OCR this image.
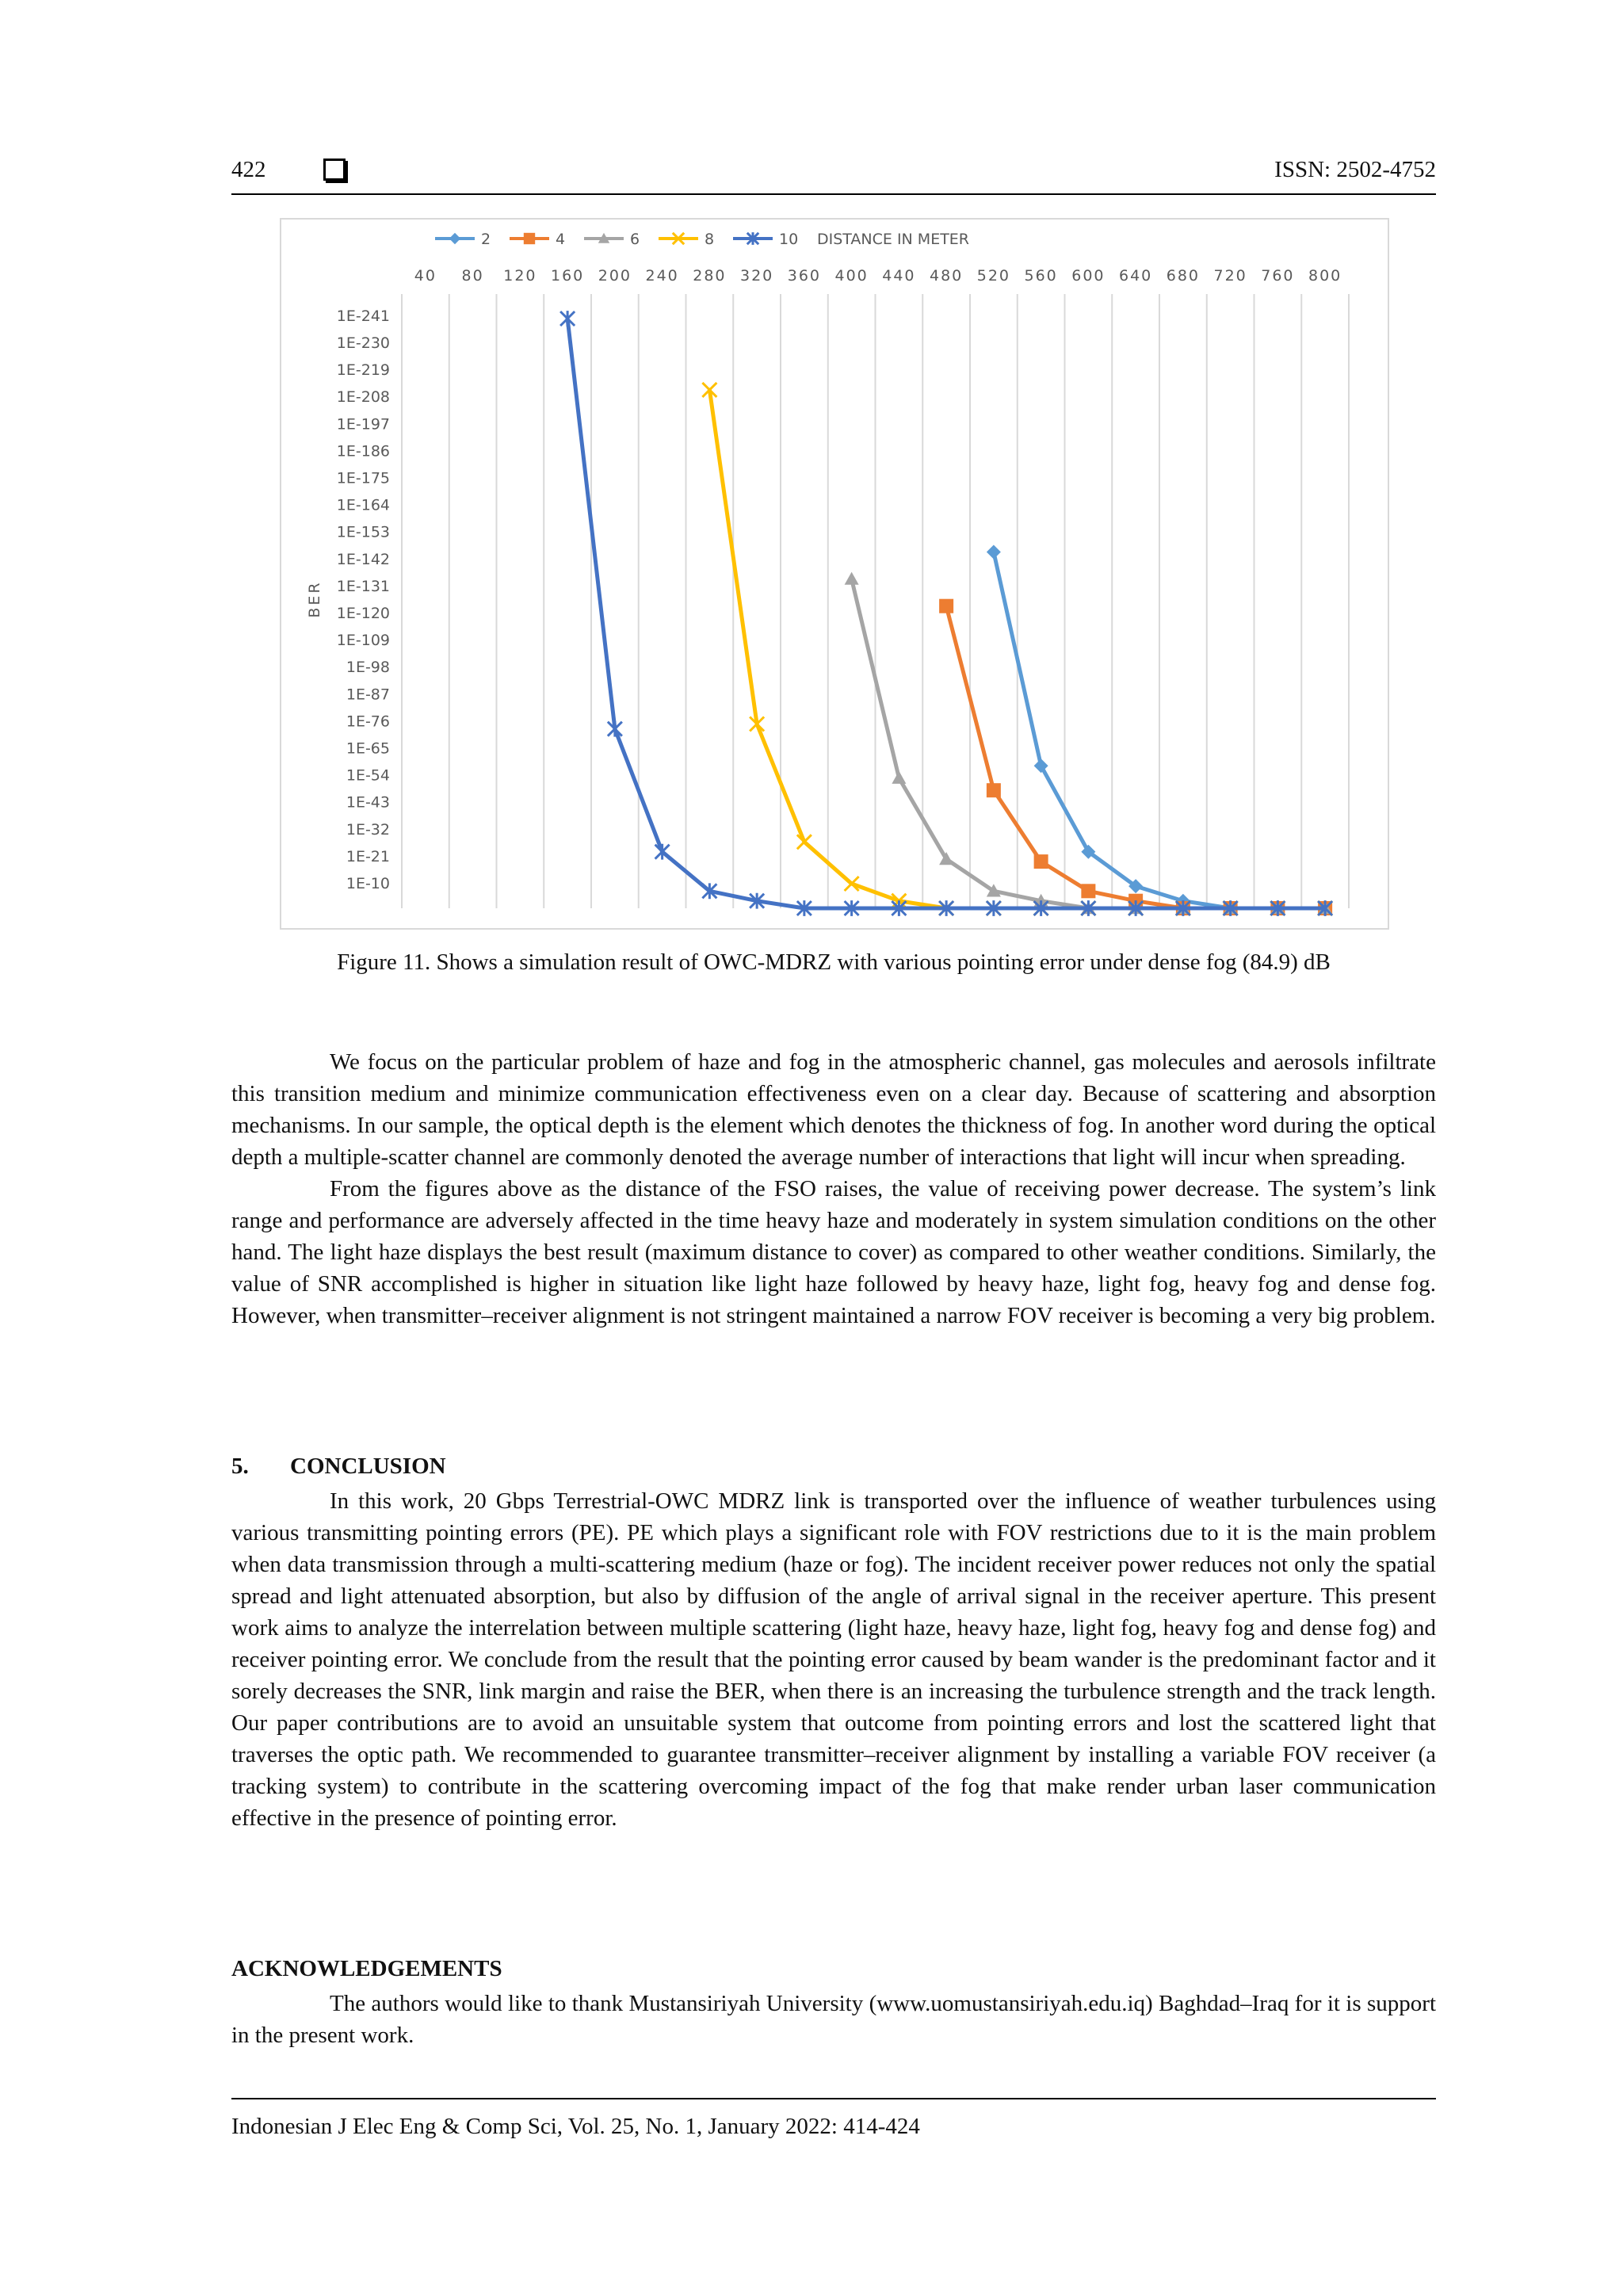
422	ISSN: 2502-4752
2	4	6	8	10 DISTANCE IN METER
40 80 120 160 200 240 280 320 360 400 440 480 520 560 600 640 680 720 760 800
1E-241
1E-230
1E-219
1E-208
1E-197
1E-186
1E-175
1E-164
1E-153
1E-142
1E-131
1E-120
1E-109
1E-98
1E-87
1E-76
1E-65
1E-54
1E-43
1E-32
1E-21
1E-10
BER
Figure 11. Shows a simulation result of OWC-MDRZ with various pointing error under dense fog (84.9) dB

We focus on the particular problem of haze and fog in the atmospheric channel, gas molecules and aerosols infiltrate this transition medium and minimize communication effectiveness even on a clear day. Because of scattering and absorption mechanisms. In our sample, the optical depth is the element which denotes the thickness of fog. In another word during the optical depth a multiple-scatter channel are commonly denoted the average number of interactions that light will incur when spreading.

From the figures above as the distance of the FSO raises, the value of receiving power decrease. The system’s link range and performance are adversely affected in the time heavy haze and moderately in system simulation conditions on the other hand. The light haze displays the best result (maximum distance to cover) as compared to other weather conditions. Similarly, the value of SNR accomplished is higher in situation like light haze followed by heavy haze, light fog, heavy fog and dense fog. However, when transmitter–receiver alignment is not stringent maintained a narrow FOV receiver is becoming a very big problem.

5. CONCLUSION

In this work, 20 Gbps Terrestrial-OWC MDRZ link is transported over the influence of weather turbulences using various transmitting pointing errors (PE). PE which plays a significant role with FOV restrictions due to it is the main problem when data transmission through a multi-scattering medium (haze or fog). The incident receiver power reduces not only the spatial spread and light attenuated absorption, but also by diffusion of the angle of arrival signal in the receiver aperture. This present work aims to analyze the interrelation between multiple scattering (light haze, heavy haze, light fog, heavy fog and dense fog) and receiver pointing error. We conclude from the result that the pointing error caused by beam wander is the predominant factor and it sorely decreases the SNR, link margin and raise the BER, when there is an increasing the turbulence strength and the track length. Our paper contributions are to avoid an unsuitable system that outcome from pointing errors and lost the scattered light that traverses the optic path. We recommended to guarantee transmitter–receiver alignment by installing a variable FOV receiver (a tracking system) to contribute in the scattering overcoming impact of the fog that make render urban laser communication effective in the presence of pointing error.

ACKNOWLEDGEMENTS

The authors would like to thank Mustansiriyah University (www.uomustansiriyah.edu.iq) Baghdad–Iraq for it is support in the present work.

Indonesian J Elec Eng & Comp Sci, Vol. 25, No. 1, January 2022: 414-424
